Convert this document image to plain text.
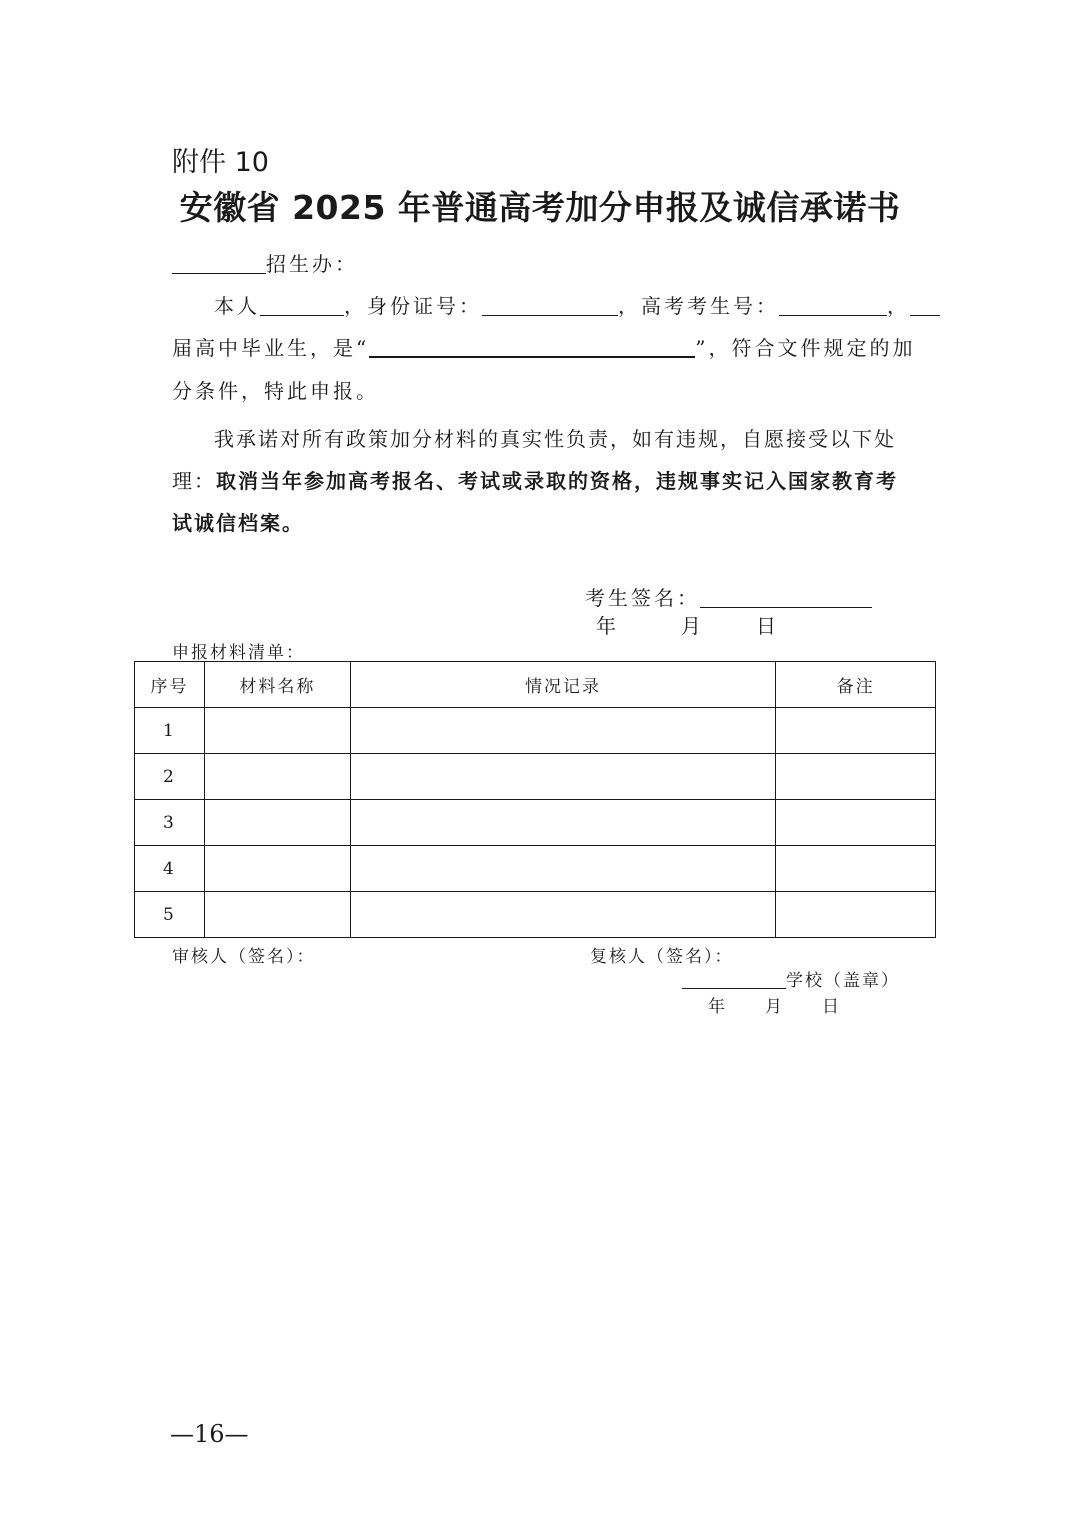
附件 10
安徽省 2025 年普通高考加分申报及诚信承诺书
招生办：
本人	，身份证号：	，高考考生号：	，
届高中毕业生，是“	”，符合文件规定的加
分条件，特此申报。
我承诺对所有政策加分材料的真实性负责，如有违规，自愿接受以下处理：取消当年参加高考报名、考试或录取的资格，违规事实记入国家教育考试诚信档案。
考生签名：
年	月	日
申报材料清单：
序号	材料名称	情况记录	备注
1			
2			
3			
4			
5			
审核人（签名）：	复核人（签名）：
学校（盖章）
年 月 日
—16—
